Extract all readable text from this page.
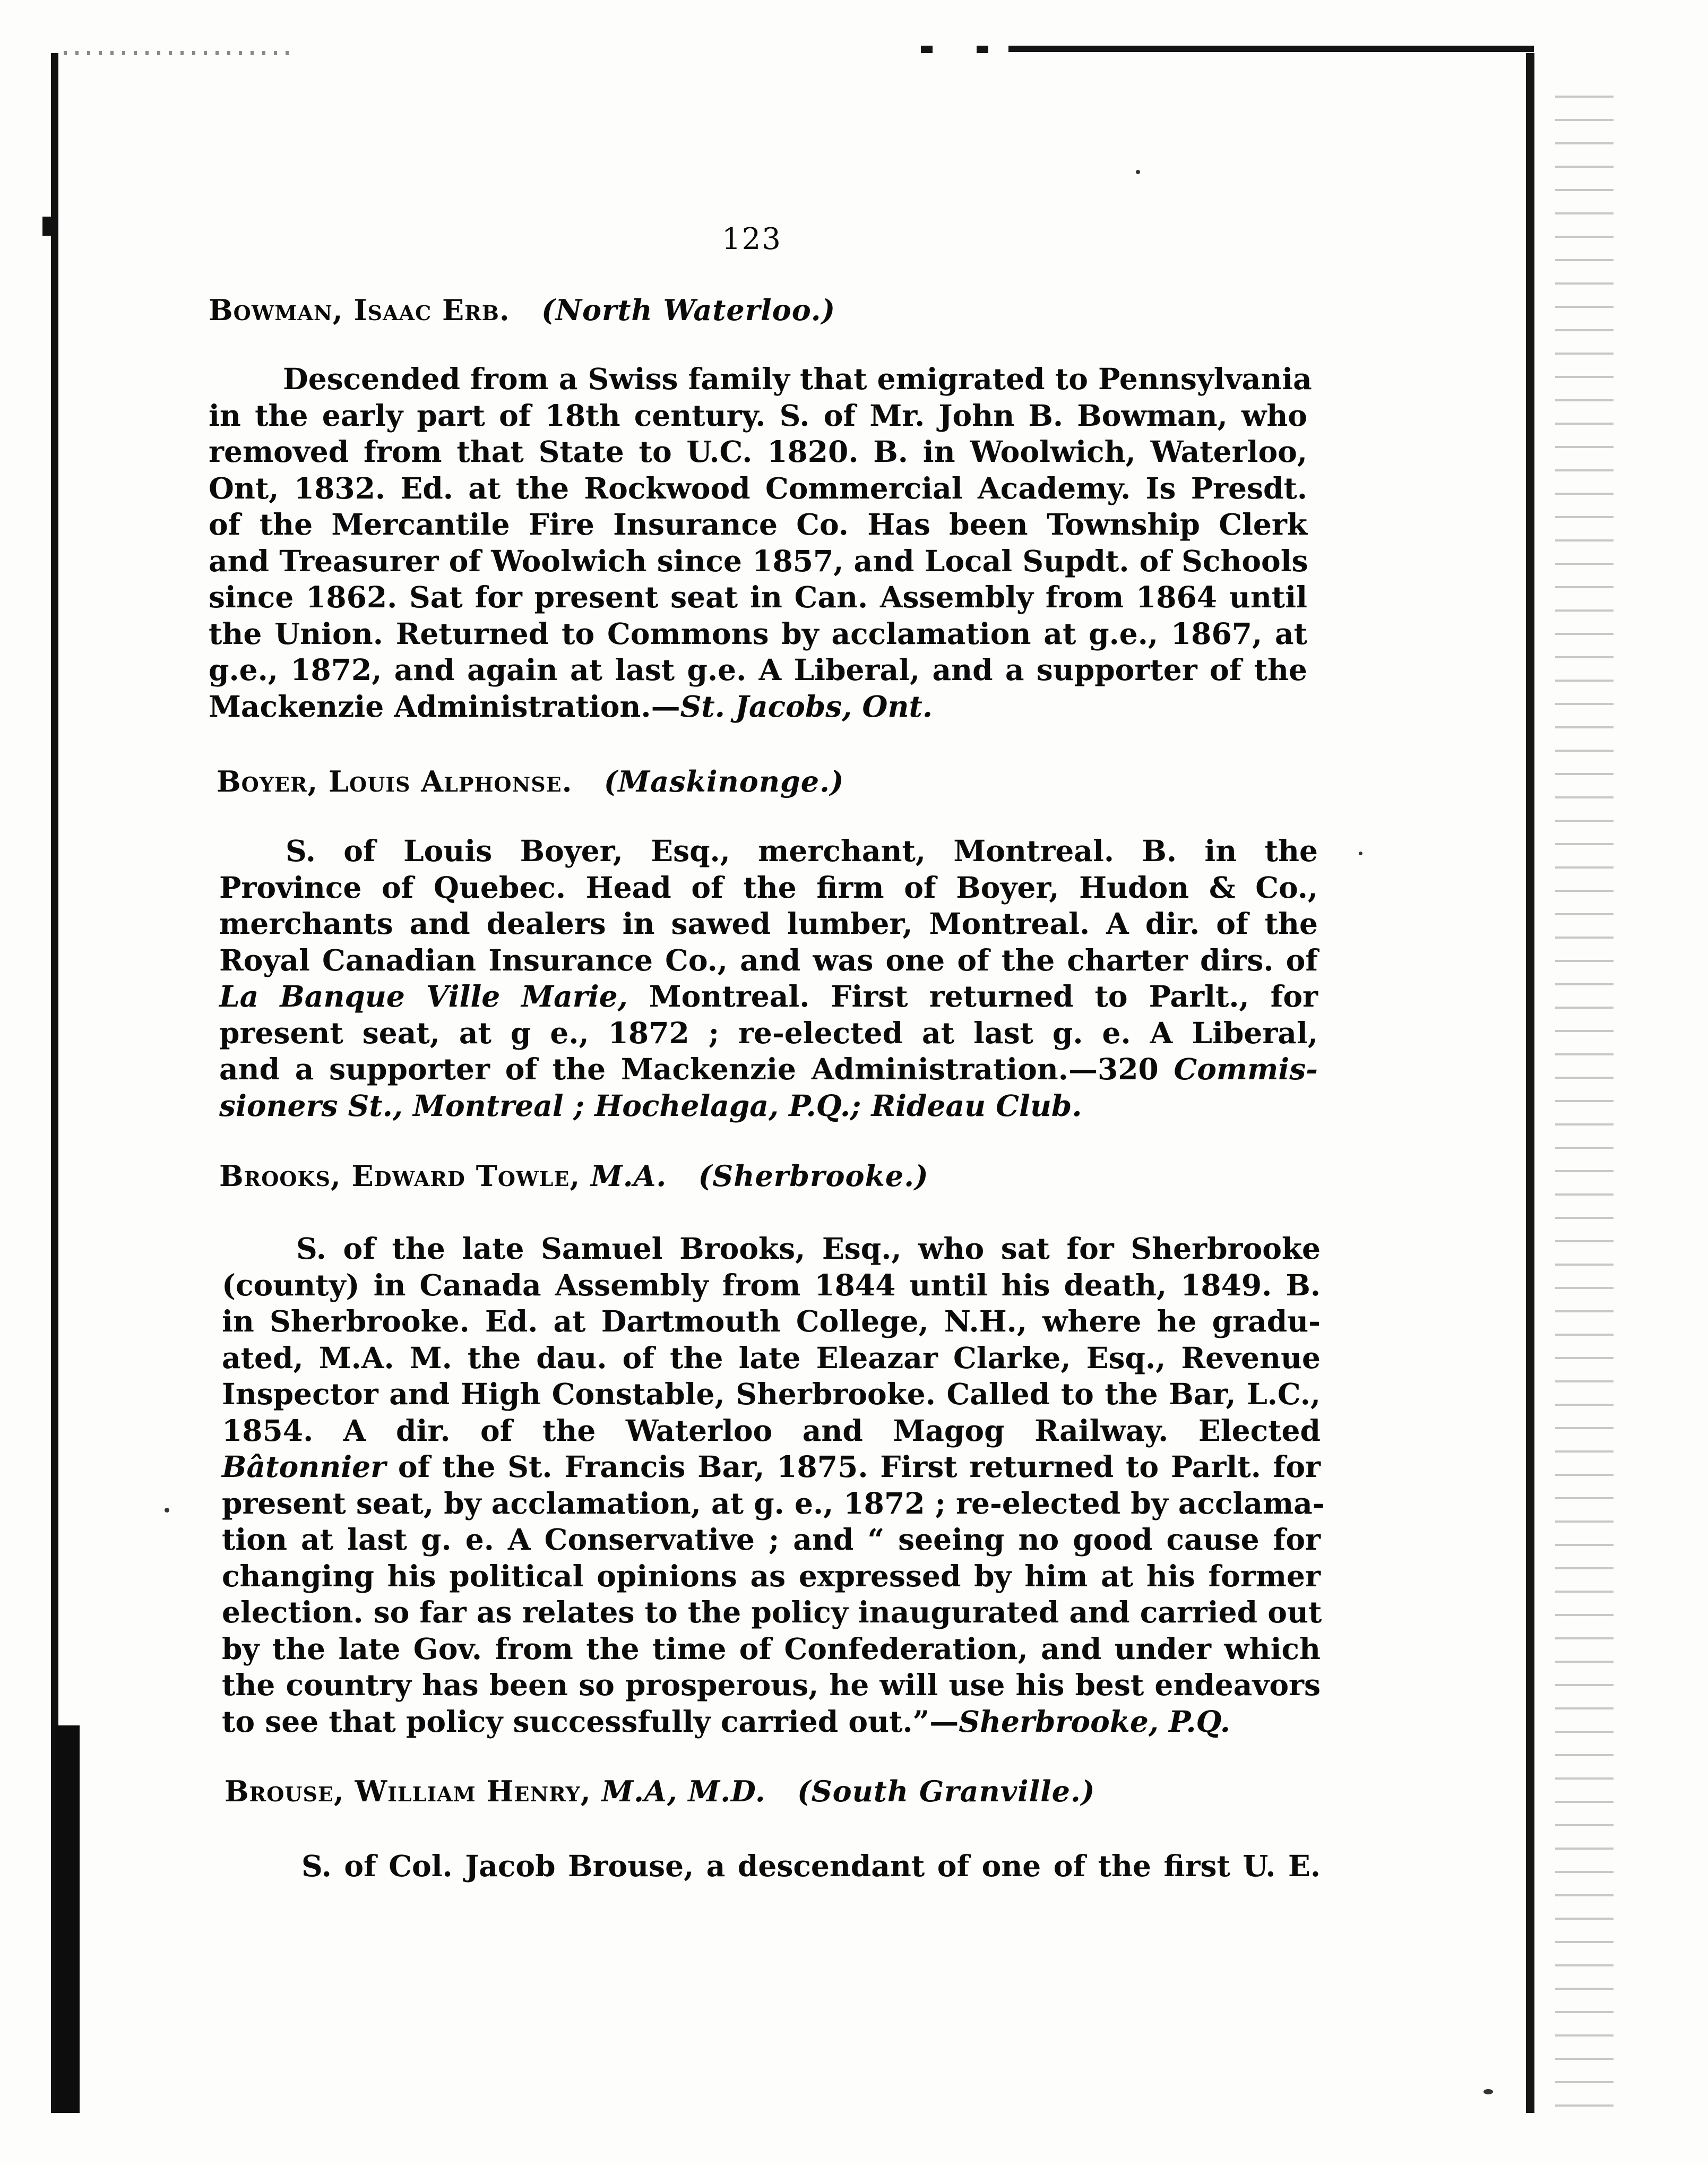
123
Bowman, Isaac Erb. (North Waterloo.)
Descended from a Swiss family that emigrated to Pennsylvania
in the early part of 18th century. S. of Mr. John B. Bowman, who
removed from that State to U.C. 1820. B. in Woolwich, Waterloo,
Ont, 1832. Ed. at the Rockwood Commercial Academy. Is Presdt.
of the Mercantile Fire Insurance Co. Has been Township Clerk
and Treasurer of Woolwich since 1857, and Local Supdt. of Schools
since 1862. Sat for present seat in Can. Assembly from 1864 until
the Union. Returned to Commons by acclamation at g.e., 1867, at
g.e., 1872, and again at last g.e. A Liberal, and a supporter of the
Mackenzie Administration.—St. Jacobs, Ont.
Boyer, Louis Alphonse. (Maskinonge.)
S. of Louis Boyer, Esq., merchant, Montreal. B. in the
Province of Quebec. Head of the firm of Boyer, Hudon & Co.,
merchants and dealers in sawed lumber, Montreal. A dir. of the
Royal Canadian Insurance Co., and was one of the charter dirs. of
La Banque Ville Marie, Montreal. First returned to Parlt., for
present seat, at g e., 1872 ; re-elected at last g. e. A Liberal,
and a supporter of the Mackenzie Administration.—320 Commis-
sioners St., Montreal ; Hochelaga, P.Q.; Rideau Club.
Brooks, Edward Towle, M.A. (Sherbrooke.)
S. of the late Samuel Brooks, Esq., who sat for Sherbrooke
(county) in Canada Assembly from 1844 until his death, 1849. B.
in Sherbrooke. Ed. at Dartmouth College, N.H., where he gradu-
ated, M.A. M. the dau. of the late Eleazar Clarke, Esq., Revenue
Inspector and High Constable, Sherbrooke. Called to the Bar, L.C.,
1854. A dir. of the Waterloo and Magog Railway. Elected
Bâtonnier of the St. Francis Bar, 1875. First returned to Parlt. for
present seat, by acclamation, at g. e., 1872 ; re-elected by acclama-
tion at last g. e. A Conservative ; and “ seeing no good cause for
changing his political opinions as expressed by him at his former
election. so far as relates to the policy inaugurated and carried out
by the late Gov. from the time of Confederation, and under which
the country has been so prosperous, he will use his best endeavors
to see that policy successfully carried out.”—Sherbrooke, P.Q.
Brouse, William Henry, M.A, M.D. (South Granville.)
S. of Col. Jacob Brouse, a descendant of one of the first U. E.
